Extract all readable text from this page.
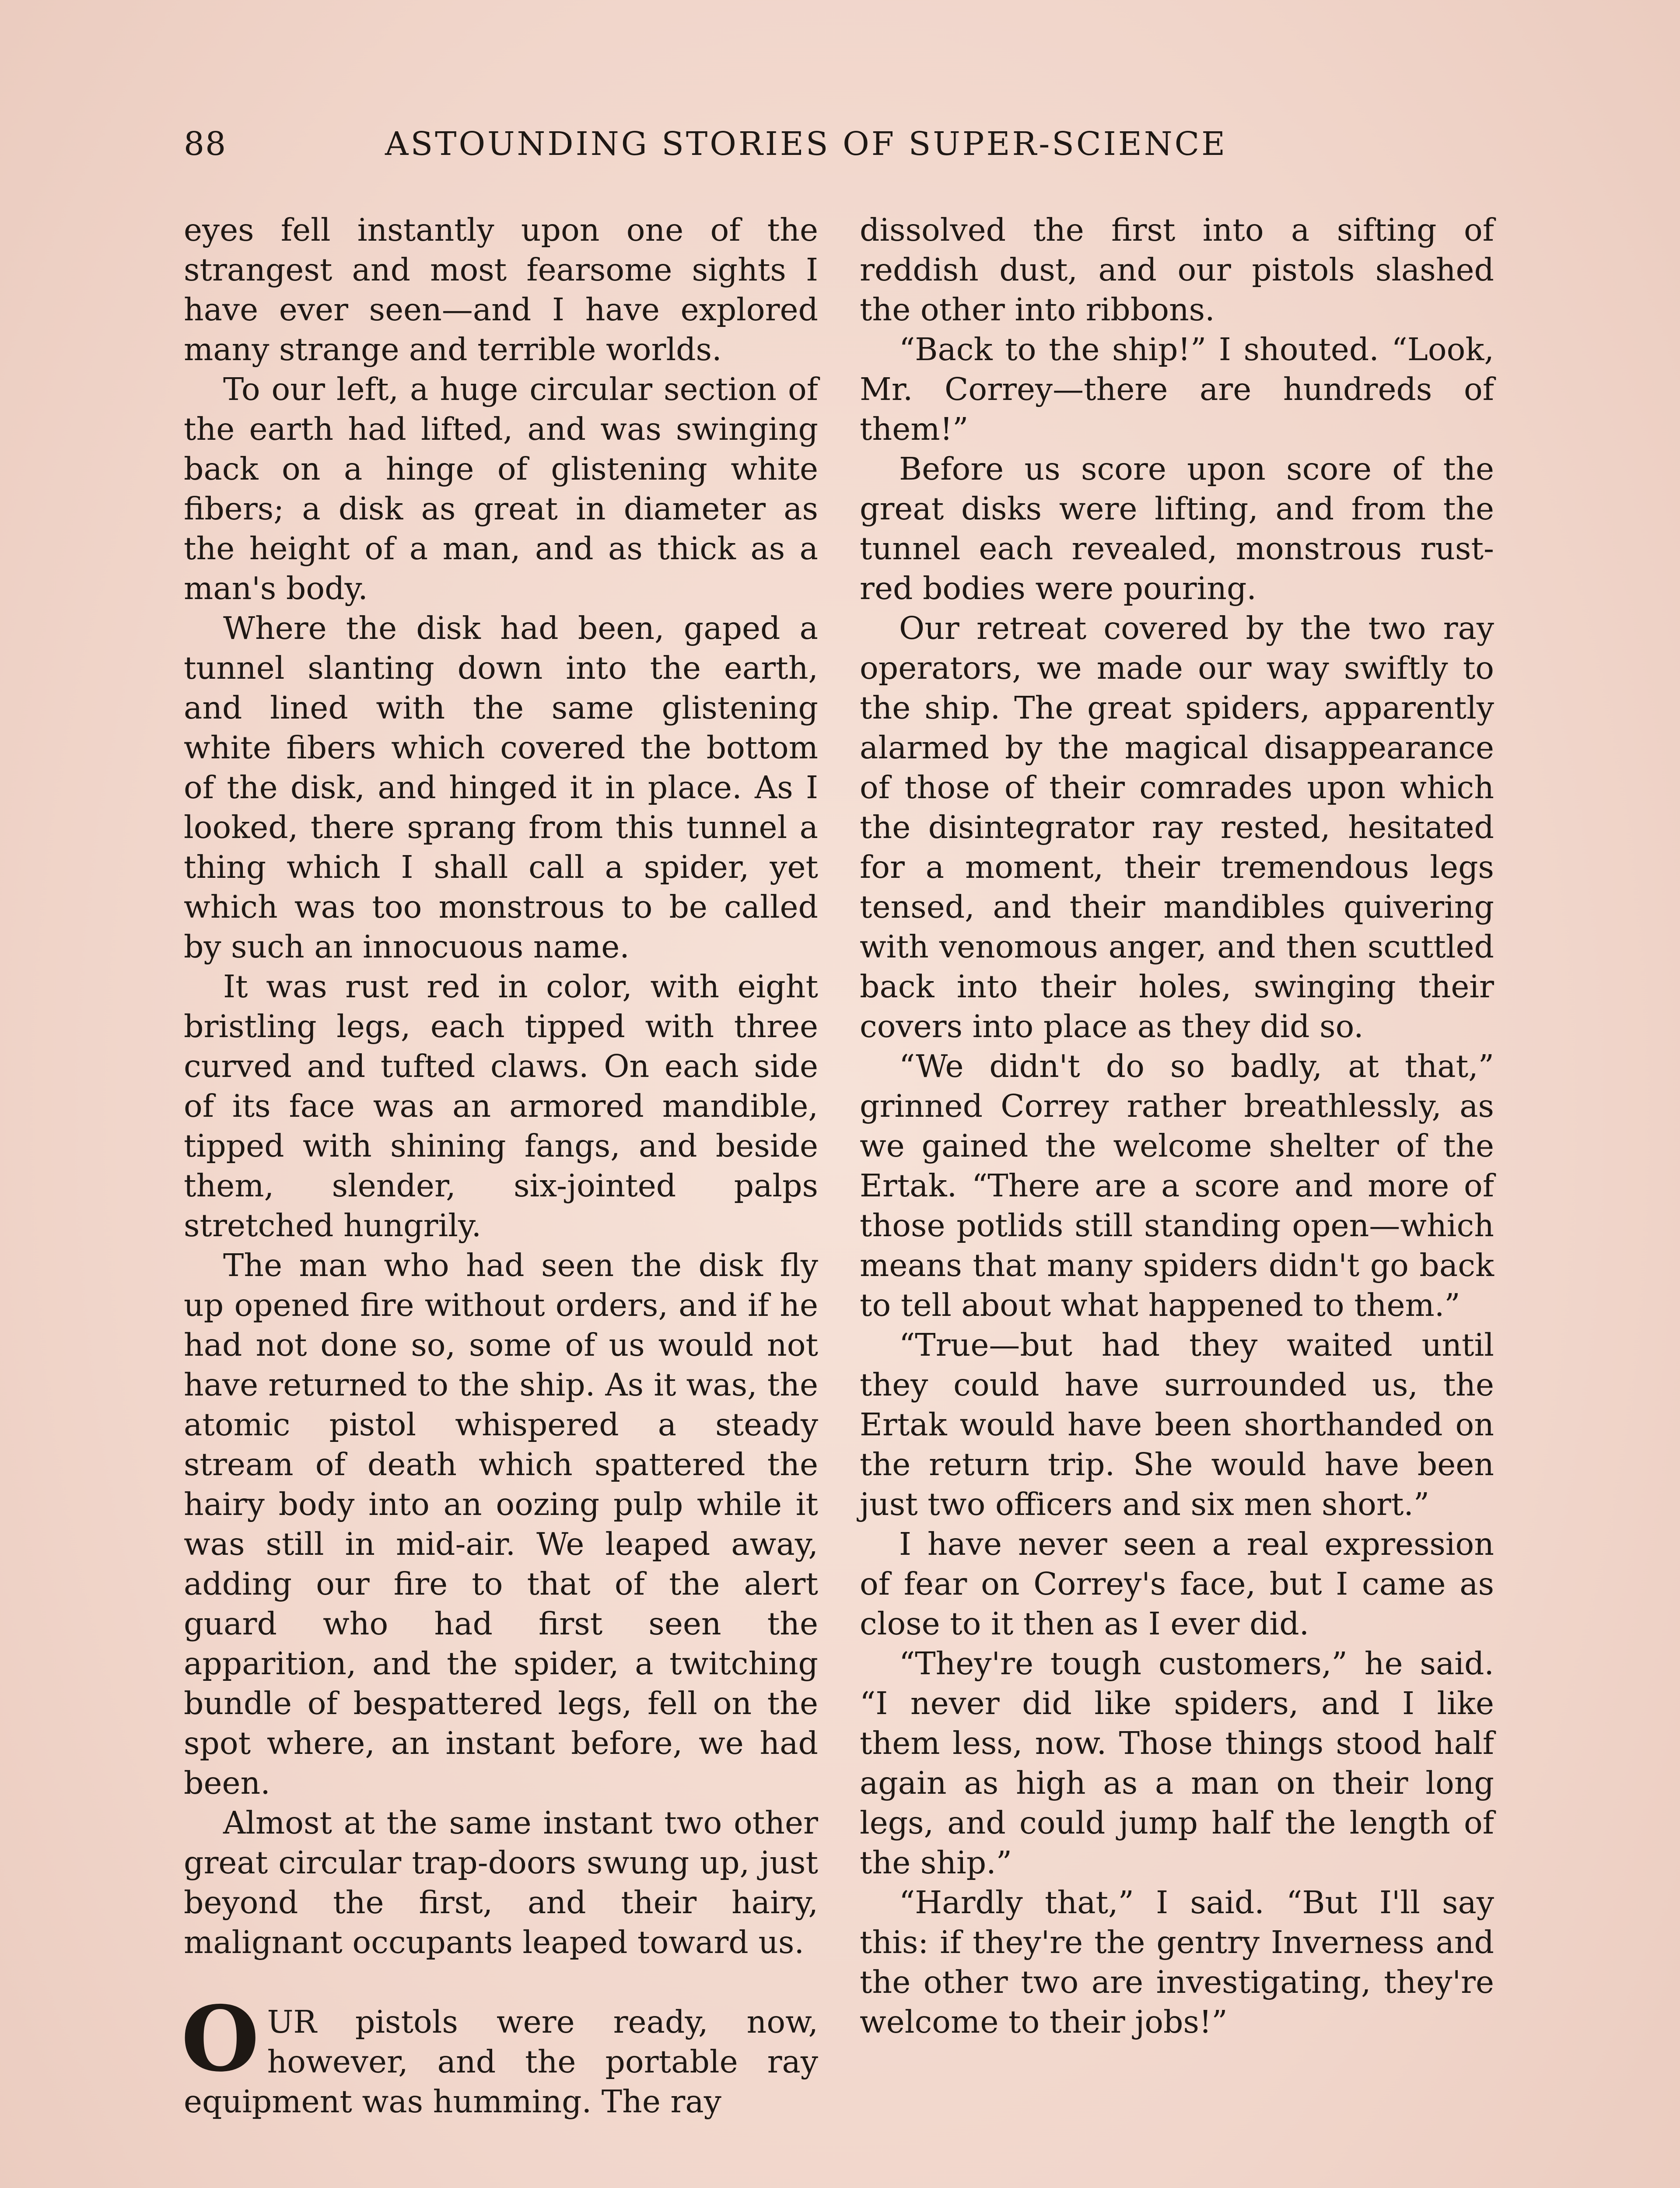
88	ASTOUNDING STORIES OF SUPER-SCIENCE

eyes fell instantly upon one of the strangest and most fearsome sights I have ever seen—and I have explored many strange and terrible worlds.

To our left, a huge circular section of the earth had lifted, and was swinging back on a hinge of glistening white fibers; a disk as great in diameter as the height of a man, and as thick as a man's body.

Where the disk had been, gaped a tunnel slanting down into the earth, and lined with the same glistening white fibers which covered the bottom of the disk, and hinged it in place. As I looked, there sprang from this tunnel a thing which I shall call a spider, yet which was too monstrous to be called by such an innocuous name.

It was rust red in color, with eight bristling legs, each tipped with three curved and tufted claws. On each side of its face was an armored mandible, tipped with shining fangs, and beside them, slender, six-jointed palps stretched hungrily.

The man who had seen the disk fly up opened fire without orders, and if he had not done so, some of us would not have returned to the ship. As it was, the atomic pistol whispered a steady stream of death which spattered the hairy body into an oozing pulp while it was still in mid-air. We leaped away, adding our fire to that of the alert guard who had first seen the apparition, and the spider, a twitching bundle of bespattered legs, fell on the spot where, an instant before, we had been.

Almost at the same instant two other great circular trap-doors swung up, just beyond the first, and their hairy, malignant occupants leaped toward us.

OUR pistols were ready, now, however, and the portable ray equipment was humming. The ray

dissolved the first into a sifting of reddish dust, and our pistols slashed the other into ribbons.

“Back to the ship!” I shouted. “Look, Mr. Correy—there are hundreds of them!”

Before us score upon score of the great disks were lifting, and from the tunnel each revealed, monstrous rust-red bodies were pouring.

Our retreat covered by the two ray operators, we made our way swiftly to the ship. The great spiders, apparently alarmed by the magical disappearance of those of their comrades upon which the disintegrator ray rested, hesitated for a moment, their tremendous legs tensed, and their mandibles quivering with venomous anger, and then scuttled back into their holes, swinging their covers into place as they did so.

“We didn't do so badly, at that,” grinned Correy rather breathlessly, as we gained the welcome shelter of the Ertak. “There are a score and more of those potlids still standing open—which means that many spiders didn't go back to tell about what happened to them.”

“True—but had they waited until they could have surrounded us, the Ertak would have been shorthanded on the return trip. She would have been just two officers and six men short.”

I have never seen a real expression of fear on Correy's face, but I came as close to it then as I ever did.

“They're tough customers,” he said. “I never did like spiders, and I like them less, now. Those things stood half again as high as a man on their long legs, and could jump half the length of the ship.”

“Hardly that,” I said. “But I'll say this: if they're the gentry Inverness and the other two are investigating, they're welcome to their jobs!”
